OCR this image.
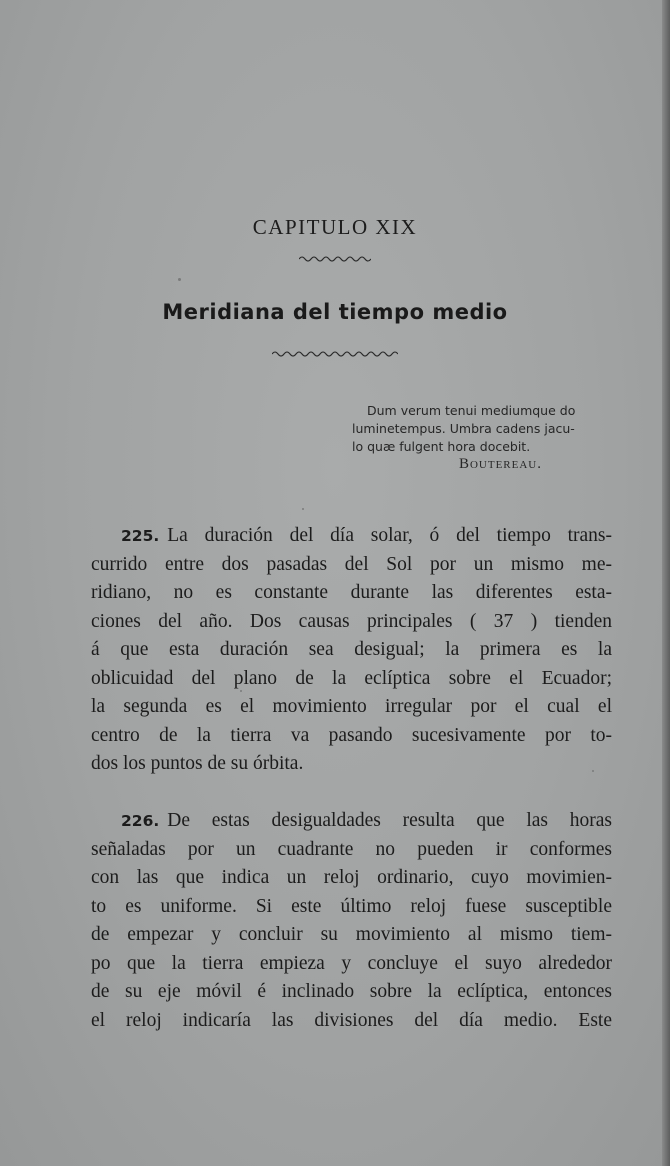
CAPITULO XIX
Meridiana del tiempo medio
Dum verum tenui mediumque do
luminetempus. Umbra cadens jacu-
lo quæ fulgent hora docebit.
Boutereau.
225. La duración del día solar, ó del tiempo trans-
currido entre dos pasadas del Sol por un mismo me-
ridiano, no es constante durante las diferentes esta-
ciones del año. Dos causas principales ( 37 ) tienden
á que esta duración sea desigual; la primera es la
oblicuidad del plano de la eclíptica sobre el Ecuador;
la segunda es el movimiento irregular por el cual el
centro de la tierra va pasando sucesivamente por to-
dos los puntos de su órbita.
226. De estas desigualdades resulta que las horas
señaladas por un cuadrante no pueden ir conformes
con las que indica un reloj ordinario, cuyo movimien-
to es uniforme. Si este último reloj fuese susceptible
de empezar y concluir su movimiento al mismo tiem-
po que la tierra empieza y concluye el suyo alrededor
de su eje móvil é inclinado sobre la eclíptica, entonces
el reloj indicaría las divisiones del día medio. Este
